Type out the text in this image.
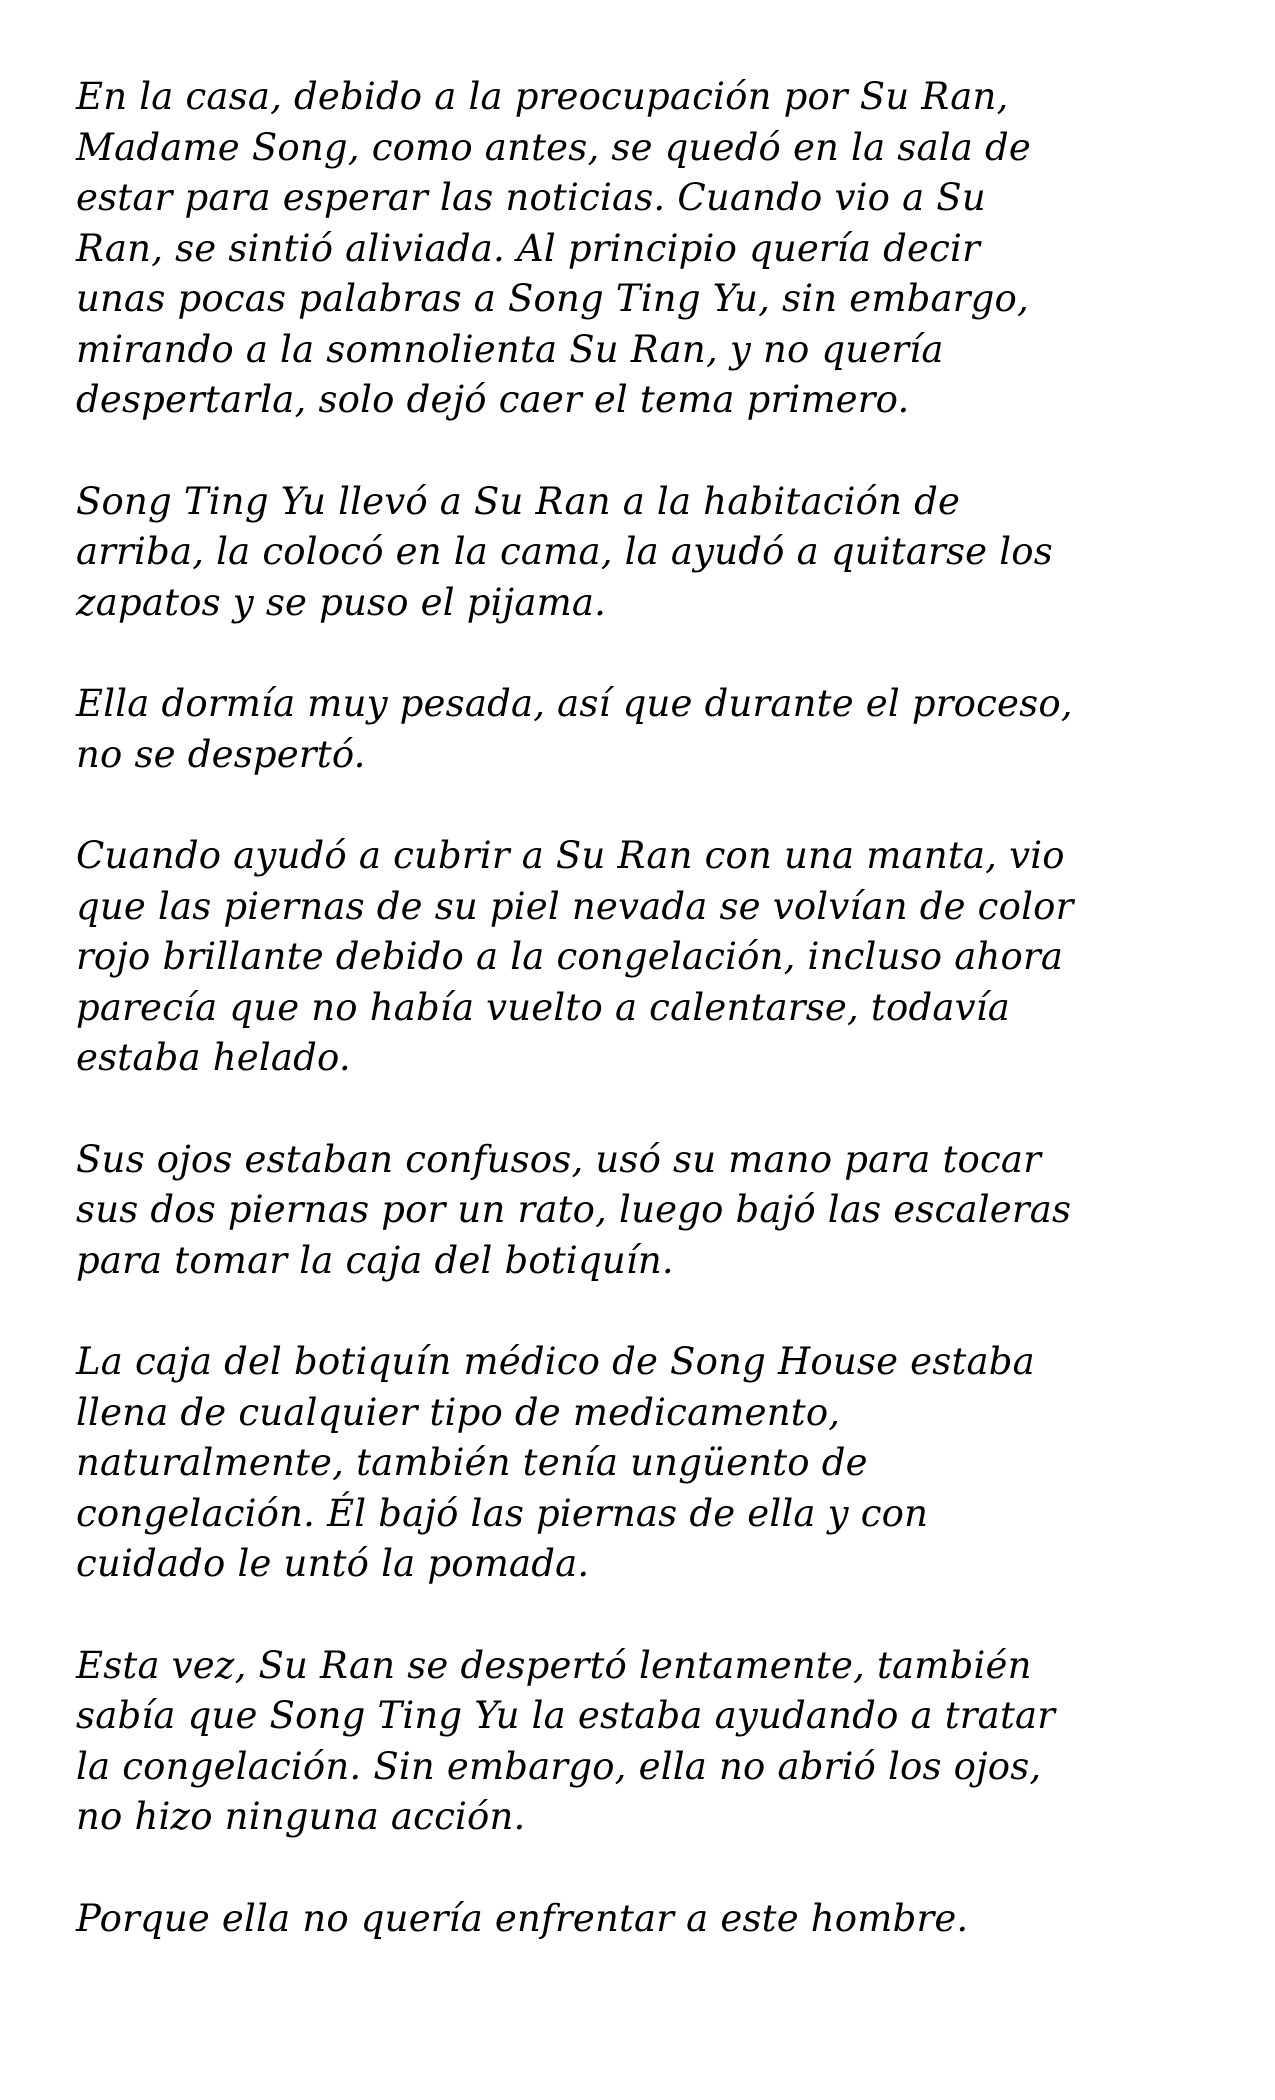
En la casa, debido a la preocupación por Su Ran,
Madame Song, como antes, se quedó en la sala de
estar para esperar las noticias. Cuando vio a Su
Ran, se sintió aliviada. Al principio quería decir
unas pocas palabras a Song Ting Yu, sin embargo,
mirando a la somnolienta Su Ran, y no quería
despertarla, solo dejó caer el tema primero.

Song Ting Yu llevó a Su Ran a la habitación de
arriba, la colocó en la cama, la ayudó a quitarse los
zapatos y se puso el pijama.

Ella dormía muy pesada, así que durante el proceso,
no se despertó.

Cuando ayudó a cubrir a Su Ran con una manta, vio
que las piernas de su piel nevada se volvían de color
rojo brillante debido a la congelación, incluso ahora
parecía que no había vuelto a calentarse, todavía
estaba helado.

Sus ojos estaban confusos, usó su mano para tocar
sus dos piernas por un rato, luego bajó las escaleras
para tomar la caja del botiquín.

La caja del botiquín médico de Song House estaba
llena de cualquier tipo de medicamento,
naturalmente, también tenía ungüento de
congelación. Él bajó las piernas de ella y con
cuidado le untó la pomada.

Esta vez, Su Ran se despertó lentamente, también
sabía que Song Ting Yu la estaba ayudando a tratar
la congelación. Sin embargo, ella no abrió los ojos,
no hizo ninguna acción.

Porque ella no quería enfrentar a este hombre.
